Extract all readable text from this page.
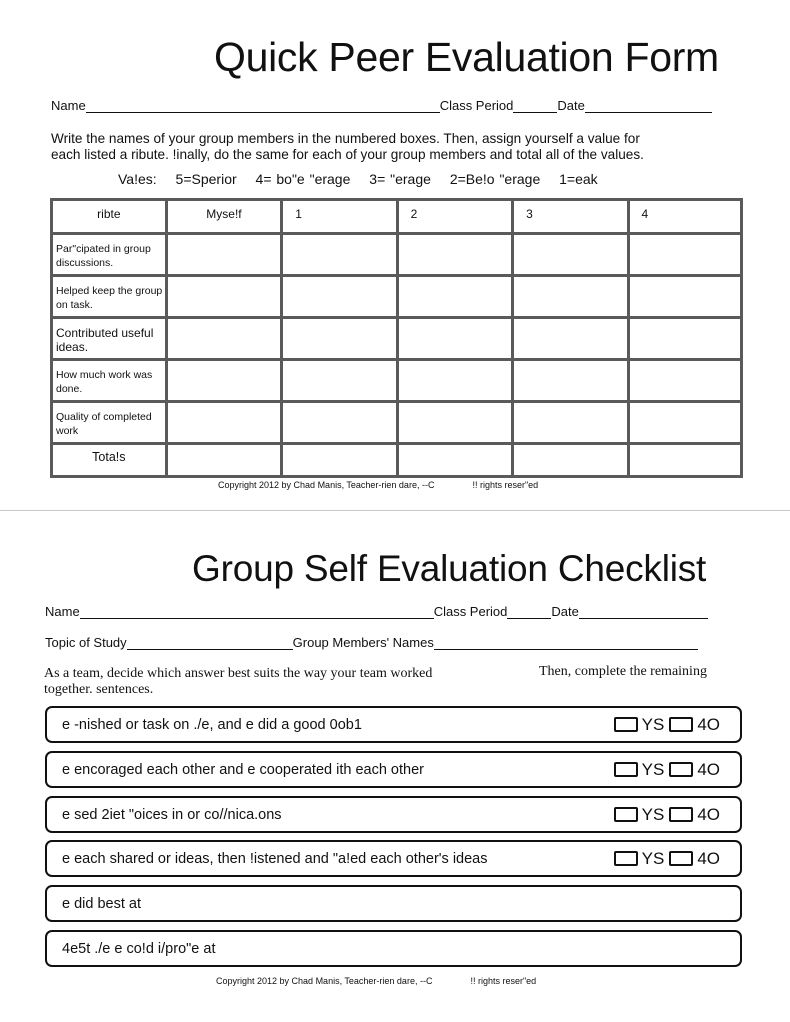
Quick Peer Evaluation Form
Name	Class Period	Date
Write the names of your group members in the numbered boxes. Then, assign yourself a value for
each listed a ribute. !inally, do the same for each of your group members and total all of the values.
Va!es: 5=Sperior 4= bo"e "erage 3= "erage 2=Be!o "erage 1=eak
ribte	Myse!f	1	2	3	4
Par"cipated in group discussions.					
Helped keep the group on task.					
Contributed useful ideas.					
How much work was done.					
Quality of completed work					
Tota!s					
Copyright 2012 by Chad Manis, Teacher-rien dare, --C	!! rights reser"ed
Group Self Evaluation Checklist
Name	Class Period	Date
Topic of Study	Group Members' Names
As a team, decide which answer best suits the way your team worked together. sentences.
Then, complete the remaining
e -nished or task on ./e, and e did a good 0ob1	YS 4O
e encoraged each other and e cooperated ith each other	YS 4O
e sed 2iet "oices in or co//nica.ons	YS 4O
e each shared or ideas, then !istened and "a!ed each other's ideas	YS 4O
e did best at
4e5t ./e e co!d i/pro"e at
Copyright 2012 by Chad Manis, Teacher-rien dare, --C	!! rights reser"ed
